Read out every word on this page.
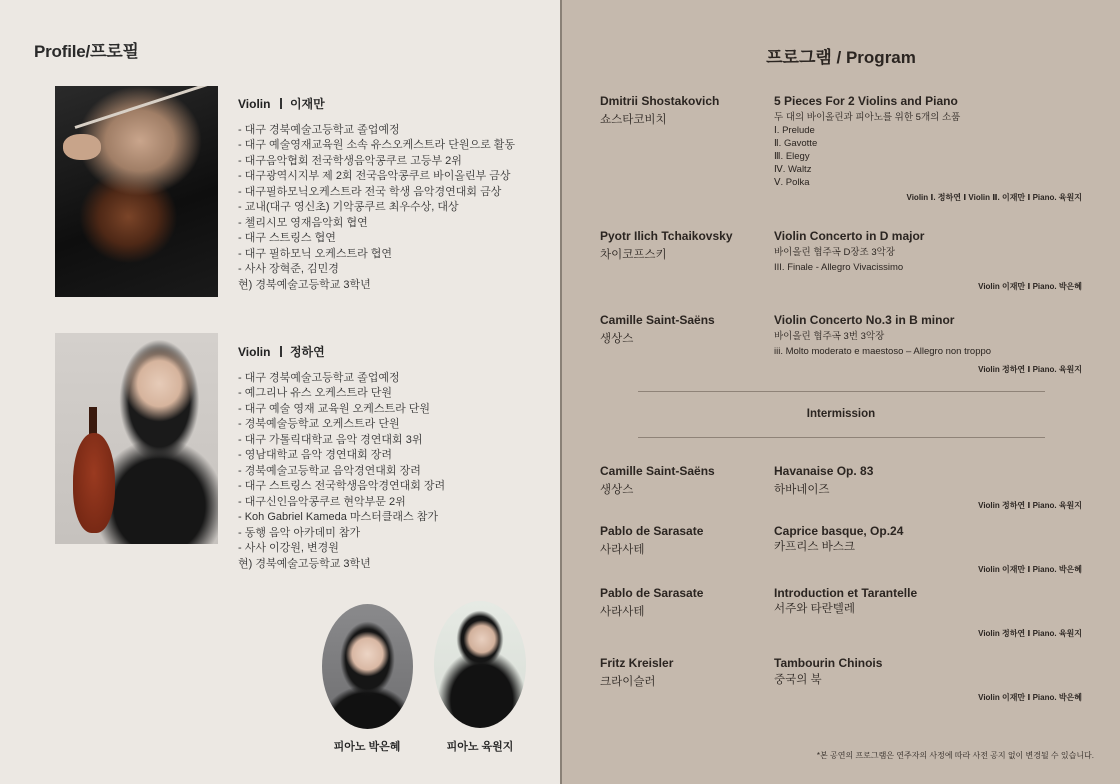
Profile/프로필
Violin 이재만
- 대구 경북예술고등학교 졸업예정
- 대구 예술영재교육원 소속 유스오케스트라 단원으로 활동
- 대구음악협회 전국학생음악콩쿠르 고등부 2위
- 대구광역시지부 제 2회 전국음악콩쿠르 바이올린부 금상
- 대구필하모닉오케스트라 전국 학생 음악경연대회 금상
- 교내(대구 영신초) 기악콩쿠르 최우수상, 대상
- 첼리시모 영재음악회 협연
- 대구 스트링스 협연
- 대구 필하모닉 오케스트라 협연
- 사사 장혁준, 김민경
현) 경북예술고등학교 3학년
Violin 정하연
- 대구 경북예술고등학교 졸업예정
- 예그리나 유스 오케스트라 단원
- 대구 예술 영재 교육원 오케스트라 단원
- 경북예술등학교 오케스트라 단원
- 대구 가톨릭대학교 음악 경연대회 3위
- 영남대학교 음악 경연대회 장려
- 경북예술고등학교 음악경연대회 장려
- 대구 스트링스 전국학생음악경연대회 장려
- 대구신인음악콩쿠르 현악부문 2위
- Koh Gabriel Kameda 마스터클래스 참가
- 동행 음악 아카데미 참가
- 사사 이강원, 변경원
현) 경북예술고등학교 3학년
피아노 박은혜	피아노 육원지
프로그램 / Program
Dmitrii Shostakovich
쇼스타코비치
5 Pieces For 2 Violins and Piano
두 대의 바이올린과 피아노를 위한 5개의 소품
Ⅰ. Prelude
Ⅱ. Gavotte
Ⅲ. Elegy
Ⅳ. Waltz
Ⅴ. Polka
Violin Ⅰ. 정하연 Ⅰ Violin Ⅱ. 이재만 Ⅰ Piano. 육원지
Pyotr Ilich Tchaikovsky
차이코프스키
Violin Concerto in D major
바이올린 협주곡 D장조 3악장
III. Finale - Allegro Vivacissimo
Violin 이재만 Ⅰ Piano. 박은혜
Camille Saint-Saëns
생상스
Violin Concerto No.3 in B minor
바이올린 협주곡 3번 3악장
iii. Molto moderato e maestoso – Allegro non troppo
Violin 정하연 Ⅰ Piano. 육원지
Intermission
Camille Saint-Saëns
생상스
Havanaise Op. 83
하바네이즈
Violin 정하연 Ⅰ Piano. 육원지
Pablo de Sarasate
사라사테
Caprice basque, Op.24
카프리스 바스크
Violin 이재만 Ⅰ Piano. 박은혜
Pablo de Sarasate
사라사테
Introduction et Tarantelle
서주와 타란텔레
Violin 정하연 Ⅰ Piano. 육원지
Fritz Kreisler
크라이슬러
Tambourin Chinois
중국의 북
Violin 이재만 Ⅰ Piano. 박은혜
*본 공연의 프로그램은 연주자의 사정에 따라 사전 공지 없이 변경될 수 있습니다.
